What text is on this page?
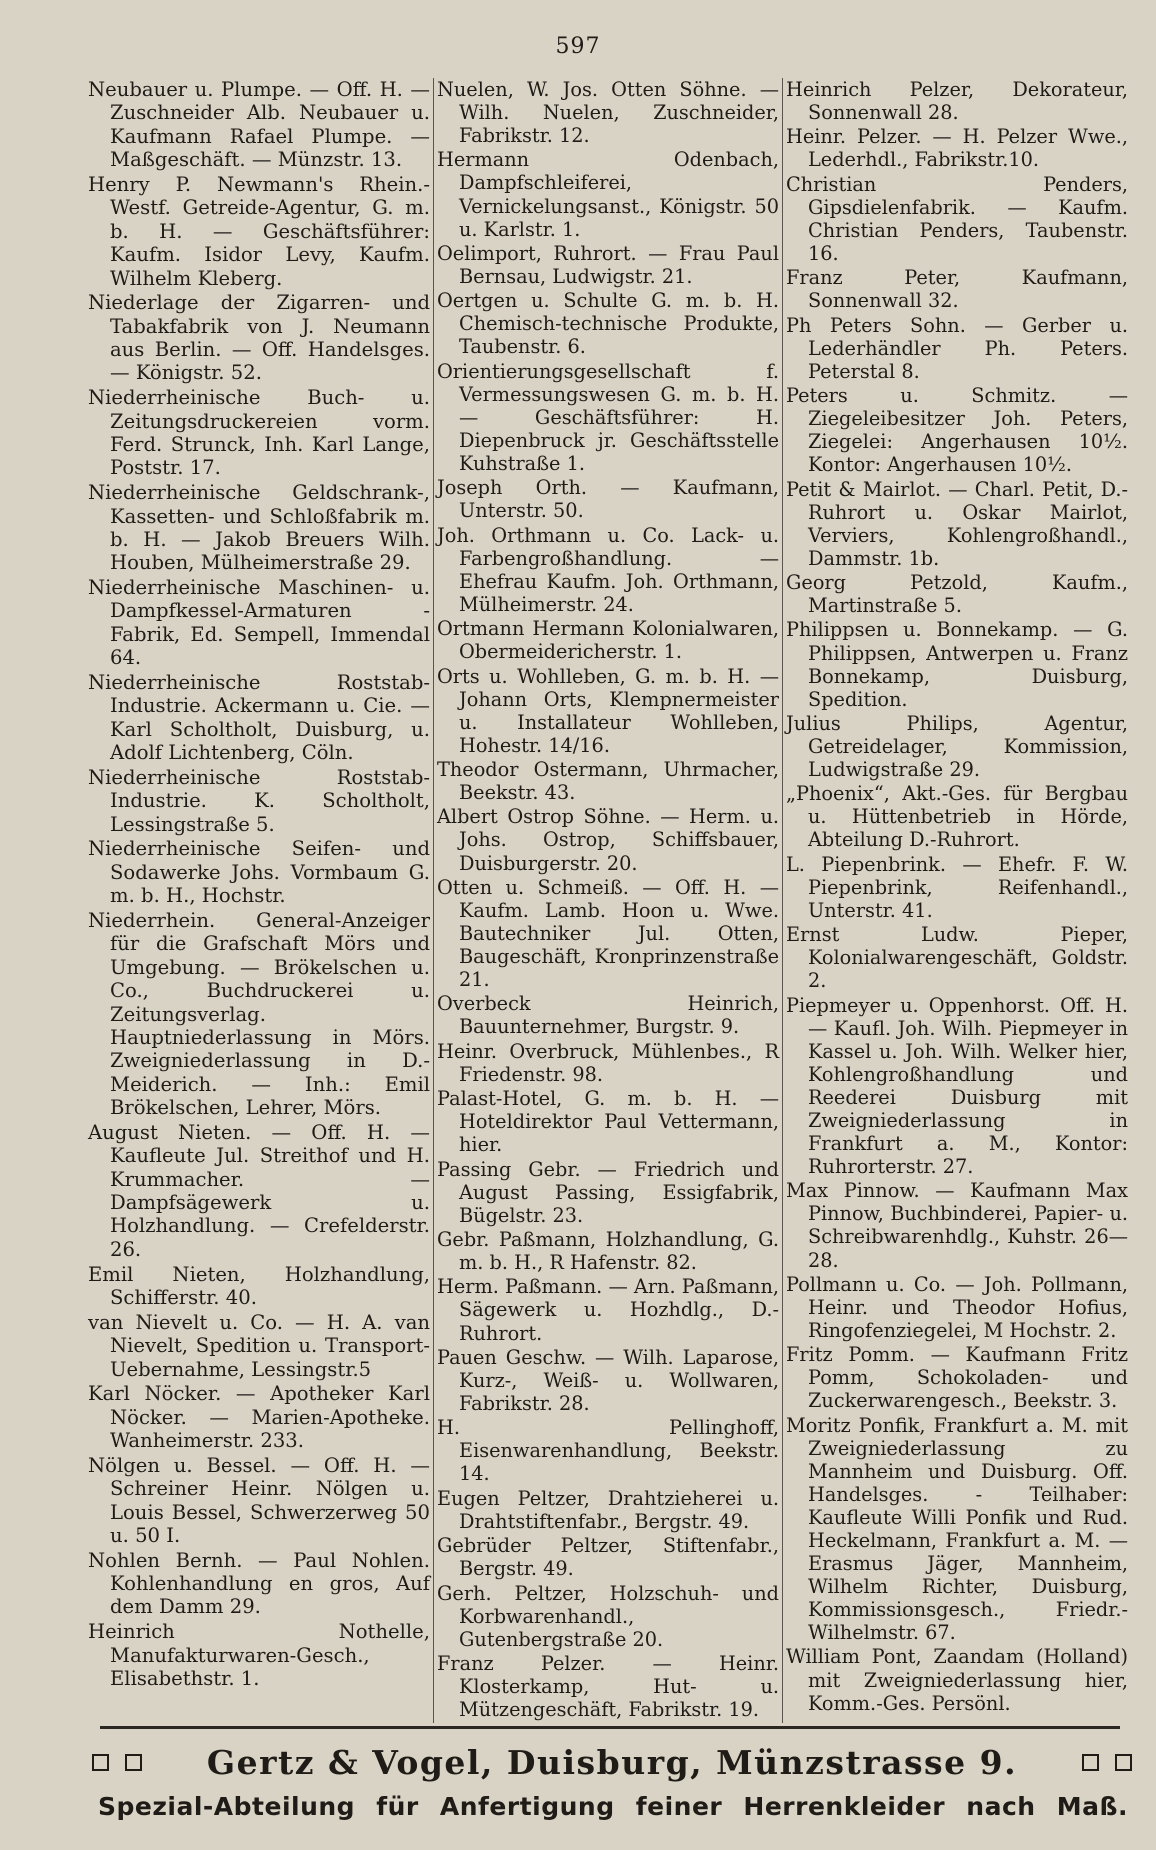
597

Neubauer u. Plumpe. — Off. H. — Zuschneider Alb. Neubauer u. Kaufmann Rafael Plumpe. — Maßgeschäft. — Münzstr. 13.

Henry P. Newmann's Rhein.-Westf. Getreide-Agentur, G. m. b. H. — Geschäftsführer: Kaufm. Isidor Levy, Kaufm. Wilhelm Kleberg.

Niederlage der Zigarren- und Tabakfabrik von J. Neumann aus Berlin. — Off. Handelsges. — Königstr. 52.

Niederrheinische Buch- u. Zeitungsdruckereien vorm. Ferd. Strunck, Inh. Karl Lange, Poststr. 17.

Niederrheinische Geldschrank-, Kassetten- und Schloßfabrik m. b. H. — Jakob Breuers Wilh. Houben, Mülheimerstraße 29.

Niederrheinische Maschinen- u. Dampfkessel-Armaturen - Fabrik, Ed. Sempell, Immendal 64.

Niederrheinische Roststab-Industrie. Ackermann u. Cie. — Karl Scholtholt, Duisburg, u. Adolf Lichtenberg, Cöln.

Niederrheinische Roststab-Industrie. K. Scholtholt, Lessingstraße 5.

Niederrheinische Seifen- und Sodawerke Johs. Vormbaum G. m. b. H., Hochstr.

Niederrhein. General-Anzeiger für die Grafschaft Mörs und Umgebung. — Brökelschen u. Co., Buchdruckerei u. Zeitungsverlag. Hauptniederlassung in Mörs. Zweigniederlassung in D.-Meiderich. — Inh.: Emil Brökelschen, Lehrer, Mörs.

August Nieten. — Off. H. — Kaufleute Jul. Streithof und H. Krummacher. — Dampfsägewerk u. Holzhandlung. — Crefelderstr. 26.

Emil Nieten, Holzhandlung, Schifferstr. 40.

van Nievelt u. Co. — H. A. van Nievelt, Spedition u. Transport-Uebernahme, Lessingstr.5

Karl Nöcker. — Apotheker Karl Nöcker. — Marien-Apotheke. Wanheimerstr. 233.

Nölgen u. Bessel. — Off. H. — Schreiner Heinr. Nölgen u. Louis Bessel, Schwerzerweg 50 u. 50 I.

Nohlen Bernh. — Paul Nohlen. Kohlenhandlung en gros, Auf dem Damm 29.

Heinrich Nothelle, Manufakturwaren-Gesch., Elisabethstr. 1.

Nuelen, W. Jos. Otten Söhne. — Wilh. Nuelen, Zuschneider, Fabrikstr. 12.

Hermann Odenbach, Dampfschleiferei, Vernickelungsanst., Königstr. 50 u. Karlstr. 1.

Oelimport, Ruhrort. — Frau Paul Bernsau, Ludwigstr. 21.

Oertgen u. Schulte G. m. b. H. Chemisch-technische Produkte, Taubenstr. 6.

Orientierungsgesellschaft f. Vermessungswesen G. m. b. H. — Geschäftsführer: H. Diepenbruck jr. Geschäftsstelle Kuhstraße 1.

Joseph Orth. — Kaufmann, Unterstr. 50.

Joh. Orthmann u. Co. Lack- u. Farbengroßhandlung. — Ehefrau Kaufm. Joh. Orthmann, Mülheimerstr. 24.

Ortmann Hermann Kolonialwaren, Obermeidericherstr. 1.

Orts u. Wohlleben, G. m. b. H. — Johann Orts, Klempnermeister u. Installateur Wohlleben, Hohestr. 14/16.

Theodor Ostermann, Uhrmacher, Beekstr. 43.

Albert Ostrop Söhne. — Herm. u. Johs. Ostrop, Schiffsbauer, Duisburgerstr. 20.

Otten u. Schmeiß. — Off. H. — Kaufm. Lamb. Hoon u. Wwe. Bautechniker Jul. Otten, Baugeschäft, Kronprinzenstraße 21.

Overbeck Heinrich, Bauunternehmer, Burgstr. 9.

Heinr. Overbruck, Mühlenbes., R Friedenstr. 98.

Palast-Hotel, G. m. b. H. — Hoteldirektor Paul Vettermann, hier.

Passing Gebr. — Friedrich und August Passing, Essigfabrik, Bügelstr. 23.

Gebr. Paßmann, Holzhandlung, G. m. b. H., R Hafenstr. 82.

Herm. Paßmann. — Arn. Paßmann, Sägewerk u. Hozhdlg., D.-Ruhrort.

Pauen Geschw. — Wilh. Laparose, Kurz-, Weiß- u. Wollwaren, Fabrikstr. 28.

H. Pellinghoff, Eisenwarenhandlung, Beekstr. 14.

Eugen Peltzer, Drahtzieherei u. Drahtstiftenfabr., Bergstr. 49.

Gebrüder Peltzer, Stiftenfabr., Bergstr. 49.

Gerh. Peltzer, Holzschuh- und Korbwarenhandl., Gutenbergstraße 20.

Franz Pelzer. — Heinr. Klosterkamp, Hut- u. Mützengeschäft, Fabrikstr. 19.

Heinrich Pelzer, Dekorateur, Sonnenwall 28.

Heinr. Pelzer. — H. Pelzer Wwe., Lederhdl., Fabrikstr.10.

Christian Penders, Gipsdielenfabrik. — Kaufm. Christian Penders, Taubenstr. 16.

Franz Peter, Kaufmann, Sonnenwall 32.

Ph Peters Sohn. — Gerber u. Lederhändler Ph. Peters. Peterstal 8.

Peters u. Schmitz. — Ziegeleibesitzer Joh. Peters, Ziegelei: Angerhausen 10½. Kontor: Angerhausen 10½.

Petit & Mairlot. — Charl. Petit, D.-Ruhrort u. Oskar Mairlot, Verviers, Kohlengroßhandl., Dammstr. 1b.

Georg Petzold, Kaufm., Martinstraße 5.

Philippsen u. Bonnekamp. — G. Philippsen, Antwerpen u. Franz Bonnekamp, Duisburg, Spedition.

Julius Philips, Agentur, Getreidelager, Kommission, Ludwigstraße 29.

„Phoenix“, Akt.-Ges. für Bergbau u. Hüttenbetrieb in Hörde, Abteilung D.-Ruhrort.

L. Piepenbrink. — Ehefr. F. W. Piepenbrink, Reifenhandl., Unterstr. 41.

Ernst Ludw. Pieper, Kolonialwarengeschäft, Goldstr. 2.

Piepmeyer u. Oppenhorst. Off. H. — Kaufl. Joh. Wilh. Piepmeyer in Kassel u. Joh. Wilh. Welker hier, Kohlengroßhandlung und Reederei Duisburg mit Zweigniederlassung in Frankfurt a. M., Kontor: Ruhrorterstr. 27.

Max Pinnow. — Kaufmann Max Pinnow, Buchbinderei, Papier- u. Schreibwarenhdlg., Kuhstr. 26—28.

Pollmann u. Co. — Joh. Pollmann, Heinr. und Theodor Hofius, Ringofenziegelei, M Hochstr. 2.

Fritz Pomm. — Kaufmann Fritz Pomm, Schokoladen- und Zuckerwarengesch., Beekstr. 3.

Moritz Ponfik, Frankfurt a. M. mit Zweigniederlassung zu Mannheim und Duisburg. Off. Handelsges. - Teilhaber: Kaufleute Willi Ponfik und Rud. Heckelmann, Frankfurt a. M. — Erasmus Jäger, Mannheim, Wilhelm Richter, Duisburg, Kommissionsgesch., Friedr.-Wilhelmstr. 67.

William Pont, Zaandam (Holland) mit Zweigniederlassung hier, Komm.-Ges. Persönl.

Gertz & Vogel, Duisburg, Münzstrasse 9.
Spezial-Abteilung für Anfertigung feiner Herrenkleider nach Maß.
